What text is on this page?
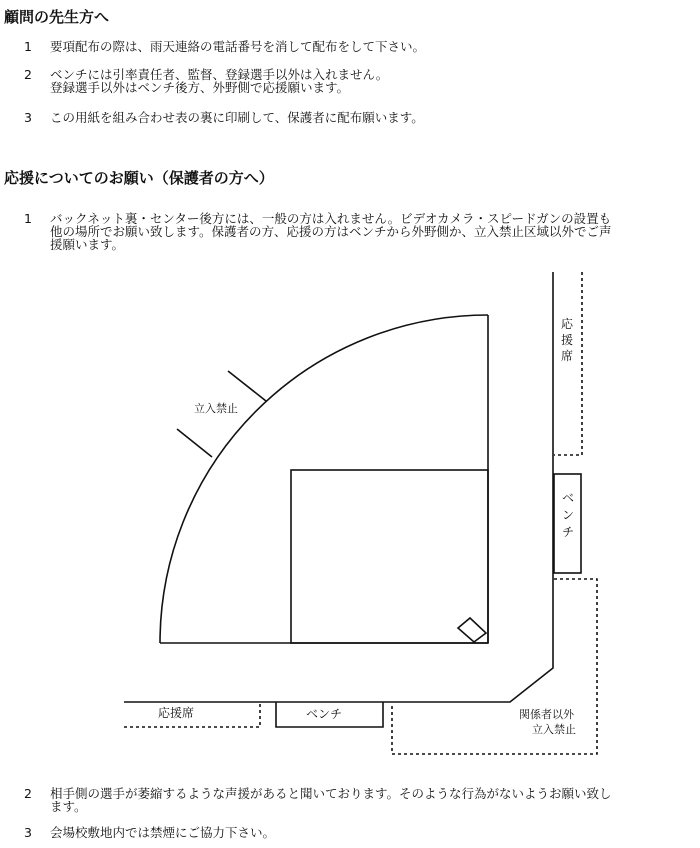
顧問の先生方へ
1	要項配布の際は、雨天連絡の電話番号を消して配布をして下さい。
2	ベンチには引率責任者、監督、登録選手以外は入れません。
登録選手以外はベンチ後方、外野側で応援願います。
3	この用紙を組み合わせ表の裏に印刷して、保護者に配布願います。
応援についてのお願い（保護者の方へ）
1	バックネット裏・センター後方には、一般の方は入れません。ビデオカメラ・スピードガンの設置も
他の場所でお願い致します。保護者の方、応援の方はベンチから外野側か、立入禁止区域以外でご声
援願います。
立入禁止
応援席
ベンチ
応援席	ベンチ	関係者以外
立入禁止
2	相手側の選手が萎縮するような声援があると聞いております。そのような行為がないようお願い致し
ます。
3	会場校敷地内では禁煙にご協力下さい。
